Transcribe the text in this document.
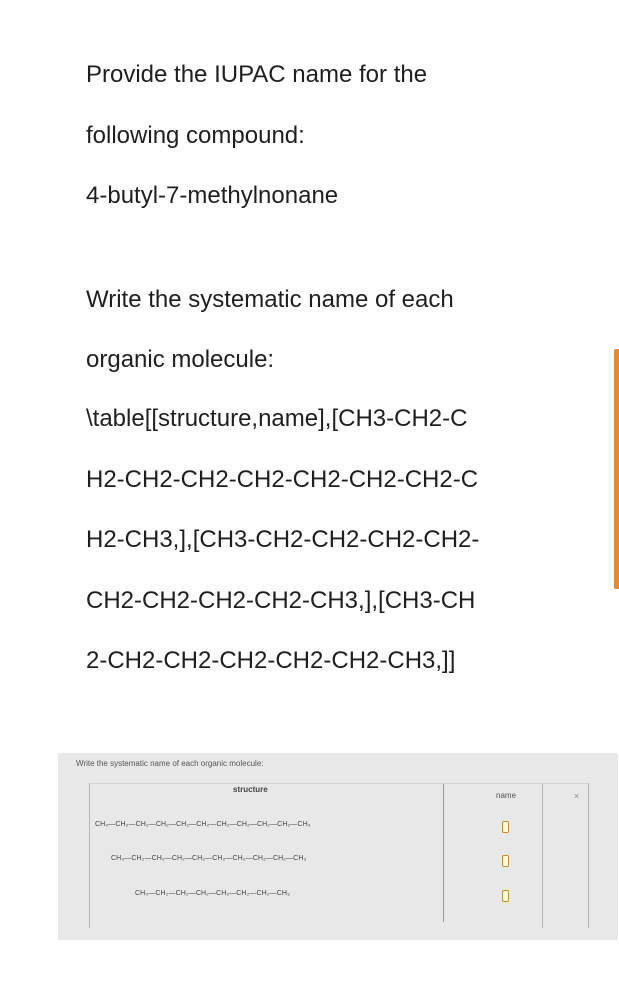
Provide the IUPAC name for the
following compound:
4-butyl-7-methylnonane
Write the systematic name of each
organic molecule:
\table[[structure,name],[CH3-CH2-C
H2-CH2-CH2-CH2-CH2-CH2-CH2-C
H2-CH3,],[CH3-CH2-CH2-CH2-CH2-
CH2-CH2-CH2-CH2-CH3,],[CH3-CH
2-CH2-CH2-CH2-CH2-CH2-CH3,]]
Write the systematic name of each organic molecule:
structure
name	×
CH₃—CH₂—CH₂—CH₂—CH₂—CH₂—CH₂—CH₂—CH₂—CH₂—CH₃
CH₃—CH₂—CH₂—CH₂—CH₂—CH₂—CH₂—CH₂—CH₂—CH₃
CH₃—CH₂—CH₂—CH₂—CH₂—CH₂—CH₂—CH₃
